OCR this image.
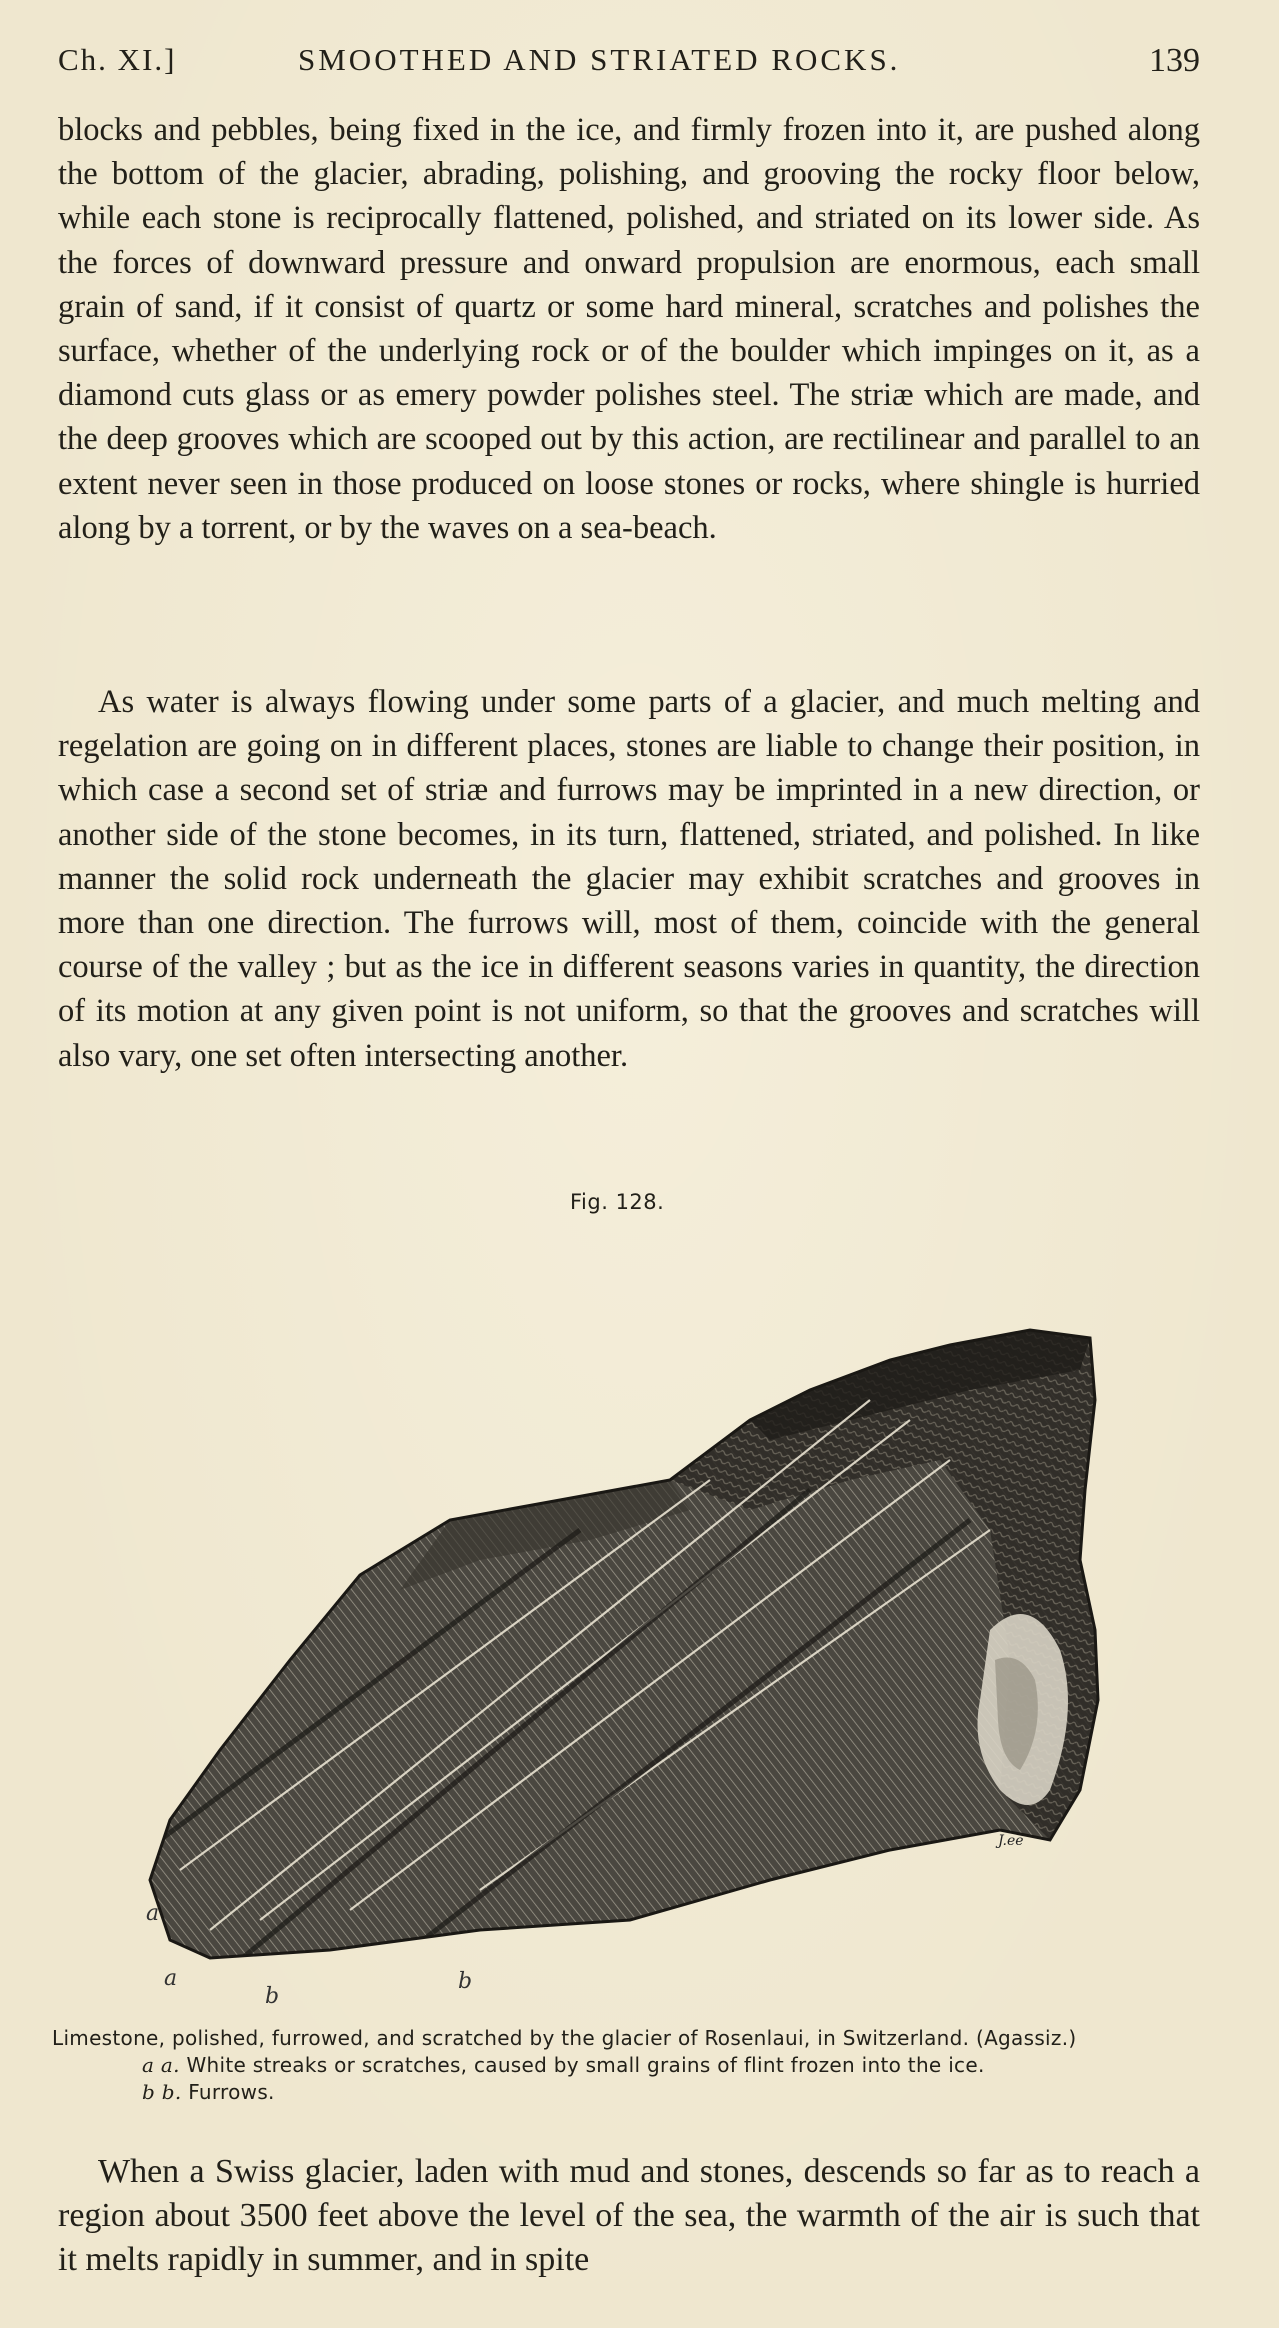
Ch. XI.]	SMOOTHED AND STRIATED ROCKS.	139

blocks and pebbles, being fixed in the ice, and firmly frozen into it, are pushed along the bottom of the glacier, abrading, polishing, and grooving the rocky floor below, while each stone is reciprocally flattened, polished, and striated on its lower side. As the forces of downward pressure and onward propulsion are enormous, each small grain of sand, if it consist of quartz or some hard mineral, scratches and polishes the surface, whether of the underlying rock or of the boulder which impinges on it, as a diamond cuts glass or as emery powder polishes steel. The striæ which are made, and the deep grooves which are scooped out by this action, are rectilinear and parallel to an extent never seen in those produced on loose stones or rocks, where shingle is hurried along by a torrent, or by the waves on a sea-beach.

As water is always flowing under some parts of a glacier, and much melting and regelation are going on in different places, stones are liable to change their position, in which case a second set of striæ and furrows may be imprinted in a new direction, or another side of the stone becomes, in its turn, flattened, striated, and polished. In like manner the solid rock underneath the glacier may exhibit scratches and grooves in more than one direction. The furrows will, most of them, coincide with the general course of the valley ; but as the ice in different seasons varies in quantity, the direction of its motion at any given point is not uniform, so that the grooves and scratches will also vary, one set often intersecting another.

Fig. 128.
J.ee
a
a
b
b

Limestone, polished, furrowed, and scratched by the glacier of Rosenlaui, in Switzerland. (Agassiz.)

a a. White streaks or scratches, caused by small grains of flint frozen into the ice.

b b. Furrows.

When a Swiss glacier, laden with mud and stones, descends so far as to reach a region about 3500 feet above the level of the sea, the warmth of the air is such that it melts rapidly in summer, and in spite
